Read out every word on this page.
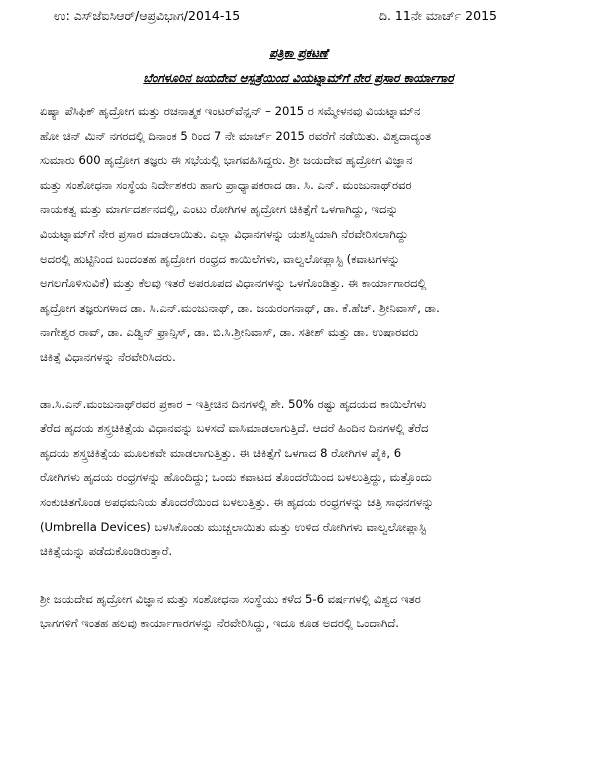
ಉ: ಎಸ್‌ಜೆಐಸಿಆರ್/ಆಪ್ರವಿಭಾಗ/2014-15	ದಿ. 11ನೇ ಮಾರ್ಚ್ 2015
ಪತ್ರಿಕಾ ಪ್ರಕಟಣೆ
ಬೆಂಗಳೂರಿನ ಜಯದೇವ ಆಸ್ಪತ್ರೆಯಿಂದ ವಿಯಟ್ನಾಮ್‌ಗೆ ನೇರ ಪ್ರಸಾರ ಕಾರ್ಯಾಗಾರ
ಏಷ್ಯಾ ಪೆಸಿಫಿಕ್ ಹೃದ್ರೋಗ ಮತ್ತು ರಚನಾತ್ಮಕ ಇಂಟರ್‌ವೆನ್ಷನ್ – 2015 ರ ಸಮ್ಮೇಳನವು ವಿಯಟ್ನಾಮ್‌ನ
ಹೋ ಚಿನ್ ಮಿನ್ ನಗರದಲ್ಲಿ ದಿನಾಂಕ 5 ರಿಂದ 7 ನೇ ಮಾರ್ಚ್ 2015 ರವರೆಗೆ ನಡೆಯಿತು. ವಿಶ್ವದಾದ್ಯಂತ
ಸುಮಾರು 600 ಹೃದ್ರೋಗ ತಜ್ಞರು ಈ ಸಭೆಯಲ್ಲಿ ಭಾಗವಹಿಸಿದ್ದರು. ಶ್ರೀ ಜಯದೇವ ಹೃದ್ರೋಗ ವಿಜ್ಞಾನ
ಮತ್ತು ಸಂಶೋಧನಾ ಸಂಸ್ಥೆಯ ನಿರ್ದೇಶಕರು ಹಾಗು ಪ್ರಾಧ್ಯಾಪಕರಾದ ಡಾ. ಸಿ. ಎನ್. ಮಂಜುನಾಥ್‌ರವರ
ನಾಯಕತ್ವ ಮತ್ತು ಮಾರ್ಗದರ್ಶನದಲ್ಲಿ, ಎಂಟು ರೋಗಿಗಳ ಹೃದ್ರೋಗ ಚಿಕಿತ್ಸೆಗೆ ಒಳಗಾಗಿದ್ದು, ಇದನ್ನು
ವಿಯಟ್ನಾಮ್‌ಗೆ ನೇರ ಪ್ರಸಾರ ಮಾಡಲಾಯಿತು. ಎಲ್ಲಾ ವಿಧಾನಗಳನ್ನು ಯಶಸ್ವಿಯಾಗಿ ನೆರವೇರಿಸಲಾಗಿದ್ದು
ಅದರಲ್ಲಿ ಹುಟ್ಟಿನಿಂದ ಬಂದಂತಹ ಹೃದ್ರೋಗ ರಂಧ್ರದ ಕಾಯಿಲೆಗಳು, ವಾಲ್ವಲೋಪ್ಲಾಸ್ಟಿ (ಕವಾಟಗಳನ್ನು
ಅಗಲಗೊಳಿಸುವಿಕೆ) ಮತ್ತು ಕೆಲವು ಇತರೆ ಅಪರೂಪದ ವಿಧಾನಗಳನ್ನು ಒಳಗೊಂಡಿತ್ತು. ಈ ಕಾರ್ಯಾಗಾರದಲ್ಲಿ
ಹೃದ್ರೋಗ ತಜ್ಞರುಗಳಾದ ಡಾ. ಸಿ.ಎನ್.ಮಂಜುನಾಥ್, ಡಾ. ಜಯರಂಗನಾಥ್, ಡಾ. ಕೆ.ಹೆಚ್. ಶ್ರೀನಿವಾಸ್, ಡಾ.
ನಾಗೇಶ್ವರ ರಾವ್, ಡಾ. ಎಡ್ವಿನ್ ಫ್ರಾನ್ಸಿಸ್, ಡಾ. ಬಿ.ಸಿ.ಶ್ರೀನಿವಾಸ್, ಡಾ. ಸತೀಶ್ ಮತ್ತು ಡಾ. ಉಷಾರವರು
ಚಿಕಿತ್ಸೆ ವಿಧಾನಗಳನ್ನು ನೆರವೇರಿಸಿದರು.
ಡಾ.ಸಿ.ಎನ್.ಮಂಜುನಾಥ್‌ರವರ ಪ್ರಕಾರ – ಇತ್ತೀಚಿನ ದಿನಗಳಲ್ಲಿ ಶೇ. 50% ರಷ್ಟು ಹೃದಯದ ಕಾಯಿಲೆಗಳು
ತೆರೆದ ಹೃದಯ ಶಸ್ತ್ರಚಿಕಿತ್ಸೆಯ ವಿಧಾನವನ್ನು ಬಳಸದೆ ವಾಸಿಮಾಡಲಾಗುತ್ತಿದೆ. ಆದರೆ ಹಿಂದಿನ ದಿನಗಳಲ್ಲಿ ತೆರೆದ
ಹೃದಯ ಶಸ್ತ್ರಚಿಕಿತ್ಸೆಯ ಮೂಲಕವೇ ಮಾಡಲಾಗುತ್ತಿತ್ತು. ಈ ಚಿಕಿತ್ಸೆಗೆ ಒಳಗಾದ 8 ರೋಗಿಗಳ ಪೈಕಿ, 6
ರೋಗಿಗಳು ಹೃದಯ ರಂಧ್ರಗಳನ್ನು ಹೊಂದಿದ್ದು; ಒಂದು ಕವಾಟದ ತೊಂದರೆಯಿಂದ ಬಳಲುತ್ತಿದ್ದು, ಮತ್ತೊಂದು
ಸಂಕುಚಿತಗೊಂಡ ಅಪಧಮನಿಯ ತೊಂದರೆಯಿಂದ ಬಳಲುತ್ತಿತ್ತು. ಈ ಹೃದಯ ರಂಧ್ರಗಳನ್ನು ಚತ್ರಿ ಸಾಧನಗಳನ್ನು
(Umbrella Devices) ಬಳಸಿಕೊಂಡು ಮುಚ್ಚಲಾಯಿತು ಮತ್ತು ಉಳಿದ ರೋಗಿಗಳು ವಾಲ್ವಲೋಪ್ಲಾಸ್ಟಿ
ಚಿಕಿತ್ಸೆಯನ್ನು ಪಡೆದುಕೊಂಡಿರುತ್ತಾರೆ.
ಶ್ರೀ ಜಯದೇವ ಹೃದ್ರೋಗ ವಿಜ್ಞಾನ ಮತ್ತು ಸಂಶೋಧನಾ ಸಂಸ್ಥೆಯು ಕಳೆದ 5-6 ವರ್ಷಗಳಲ್ಲಿ ವಿಶ್ವದ ಇತರ
ಭಾಗಗಳಿಗೆ ಇಂತಹ ಹಲವು ಕಾರ್ಯಾಗಾರಗಳನ್ನು ನೆರವೇರಿಸಿದ್ದು, ಇದೂ ಕೂಡ ಅದರಲ್ಲಿ ಒಂದಾಗಿದೆ.
